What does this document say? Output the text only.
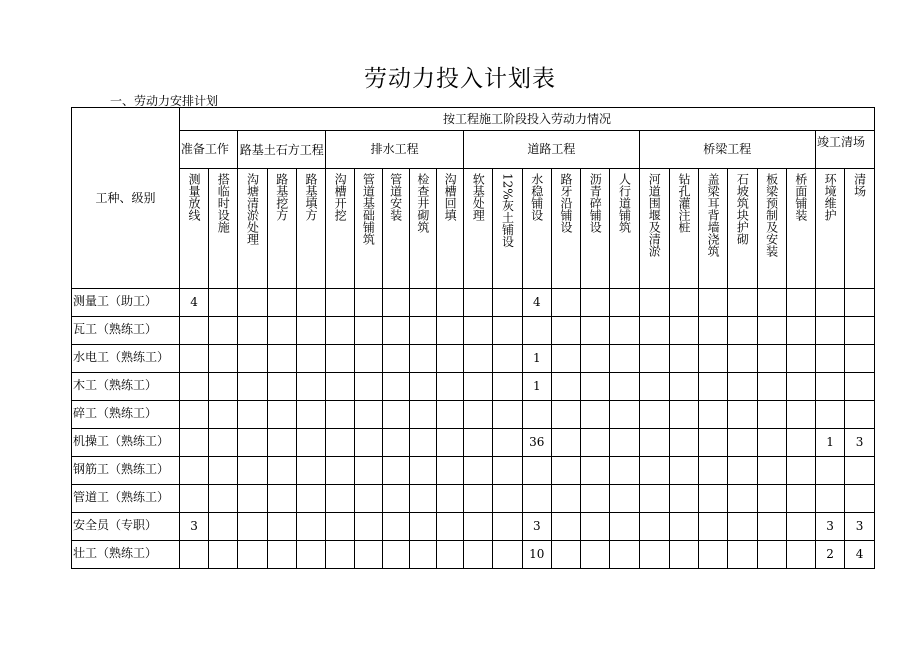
劳动力投入计划表
一、劳动力安排计划
工种、级别	按工程施工阶段投入劳动力情况																							
	准备工作		路基土石方工程			排水工程					道路工程						桥梁工程						竣工清场	
	测量放线	搭临时设施	沟塘清淤处理	路基挖方	路基填方	沟槽开挖	管道基础铺筑	管道安装	检查井砌筑	沟槽回填	软基处理	12%灰土铺设	水稳铺设	路牙沿铺设	沥青碎铺设	人行道铺筑	河道围堰及清淤	钻孔灌注桩	盖梁耳背墙浇筑	石坡筑块护砌	板梁预制及安装	桥面铺装	环境维护	清场
测量工（助工）	4												4											
瓦工（熟练工）																								
水电工（熟练工）													1											
木工（熟练工）													1											
碎工（熟练工）																								
机操工（熟练工）													36										1	3
钢筋工（熟练工）																								
管道工（熟练工）																								
安全员（专职）	3												3										3	3
壮工（熟练工）													10										2	4
